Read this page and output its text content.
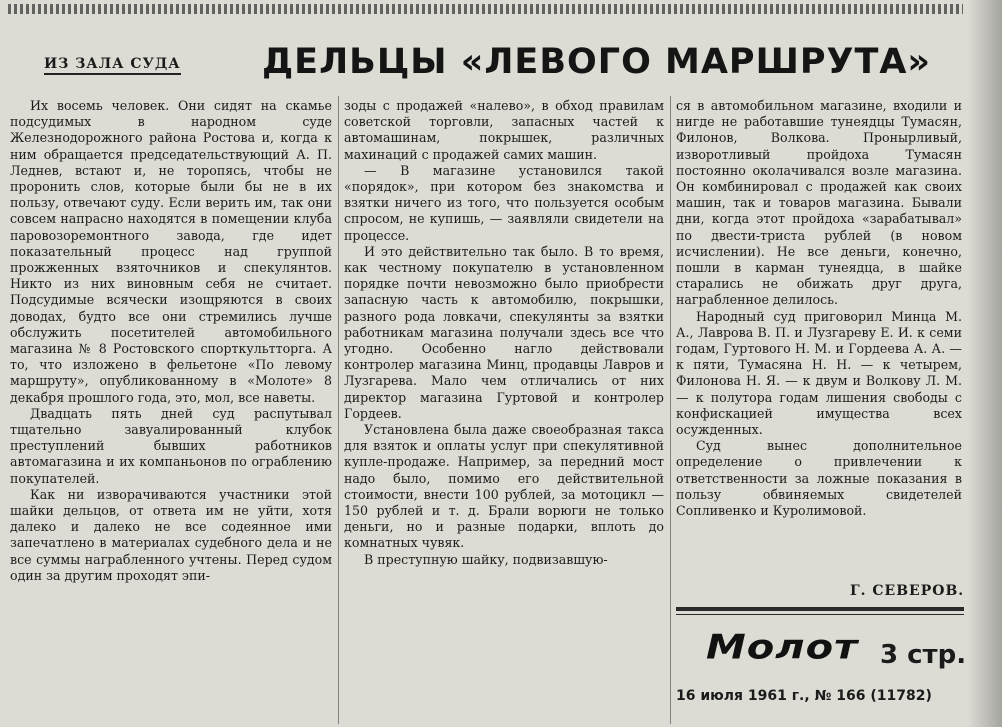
ИЗ ЗАЛА СУДА ДЕЛЬЦЫ «ЛЕВОГО МАРШРУТА»

Их восемь человек. Они сидят на скамье подсудимых в народном суде Железнодорожного района Ростова и, когда к ним обращается председательствующий А. П. Леднев, встают и, не торопясь, чтобы не проронить слов, которые были бы не в их пользу, отвечают суду. Если верить им, так они совсем напрасно находятся в помещении клуба паровозоремонтного завода, где идет показательный процесс над группой прожженных взяточников и спекулянтов. Никто из них виновным себя не считает. Подсудимые всячески изощряются в своих доводах, будто все они стремились лучше обслужить посетителей автомобильного магазина № 8 Ростовского спорткультторга. А то, что изложено в фельетоне «По левому маршруту», опубликованному в «Молоте» 8 декабря прошлого года, это, мол, все наветы.

Двадцать пять дней суд распутывал тщательно завуалированный клубок преступлений бывших работников автомагазина и их компаньонов по ограблению покупателей.

Как ни изворачиваются участники этой шайки дельцов, от ответа им не уйти, хотя далеко и далеко не все содеянное ими запечатлено в материалах судебного дела и не все суммы награбленного учтены. Перед судом один за другим проходят эпи-

зоды с продажей «налево», в обход правилам советской торговли, запасных частей к автомашинам, покрышек, различных махинаций с продажей самих машин.

— В магазине установился такой «порядок», при котором без знакомства и взятки ничего из того, что пользуется особым спросом, не купишь, — заявляли свидетели на процессе.

И это действительно так было. В то время, как честному покупателю в установленном порядке почти невозможно было приобрести запасную часть к автомобилю, покрышки, разного рода ловкачи, спекулянты за взятки работникам магазина получали здесь все что угодно. Особенно нагло действовали контролер магазина Минц, продавцы Лавров и Лузгарева. Мало чем отличались от них директор магазина Гуртовой и контролер Гордеев.

Установлена была даже своеобразная такса для взяток и оплаты услуг при спекулятивной купле-продаже. Например, за передний мост надо было, помимо его действительной стоимости, внести 100 рублей, за мотоцикл — 150 рублей и т. д. Брали ворюги не только деньги, но и разные подарки, вплоть до комнатных чувяк.

В преступную шайку, подвизавшую-

ся в автомобильном магазине, входили и нигде не работавшие тунеядцы Тумасян, Филонов, Волкова. Пронырливый, изворотливый пройдоха Тумасян постоянно околачивался возле магазина. Он комбинировал с продажей как своих машин, так и товаров магазина. Бывали дни, когда этот пройдоха «зарабатывал» по двести-триста рублей (в новом исчислении). Не все деньги, конечно, пошли в карман тунеядца, в шайке старались не обижать друг друга, награбленное делилось.

Народный суд приговорил Минца М. А., Лаврова В. П. и Лузгареву Е. И. к семи годам, Гуртового Н. М. и Гордеева А. А. — к пяти, Тумасяна Н. Н. — к четырем, Филонова Н. Я. — к двум и Волкову Л. М. — к полутора годам лишения свободы с конфискацией имущества всех осужденных.

Суд вынес дополнительное определение о привлечении к ответственности за ложные показания в пользу обвиняемых свидетелей Сопливенко и Куролимовой.

Г. СЕВЕРОВ.
Молот 3 стр.
16 июля 1961 г., № 166 (11782)
